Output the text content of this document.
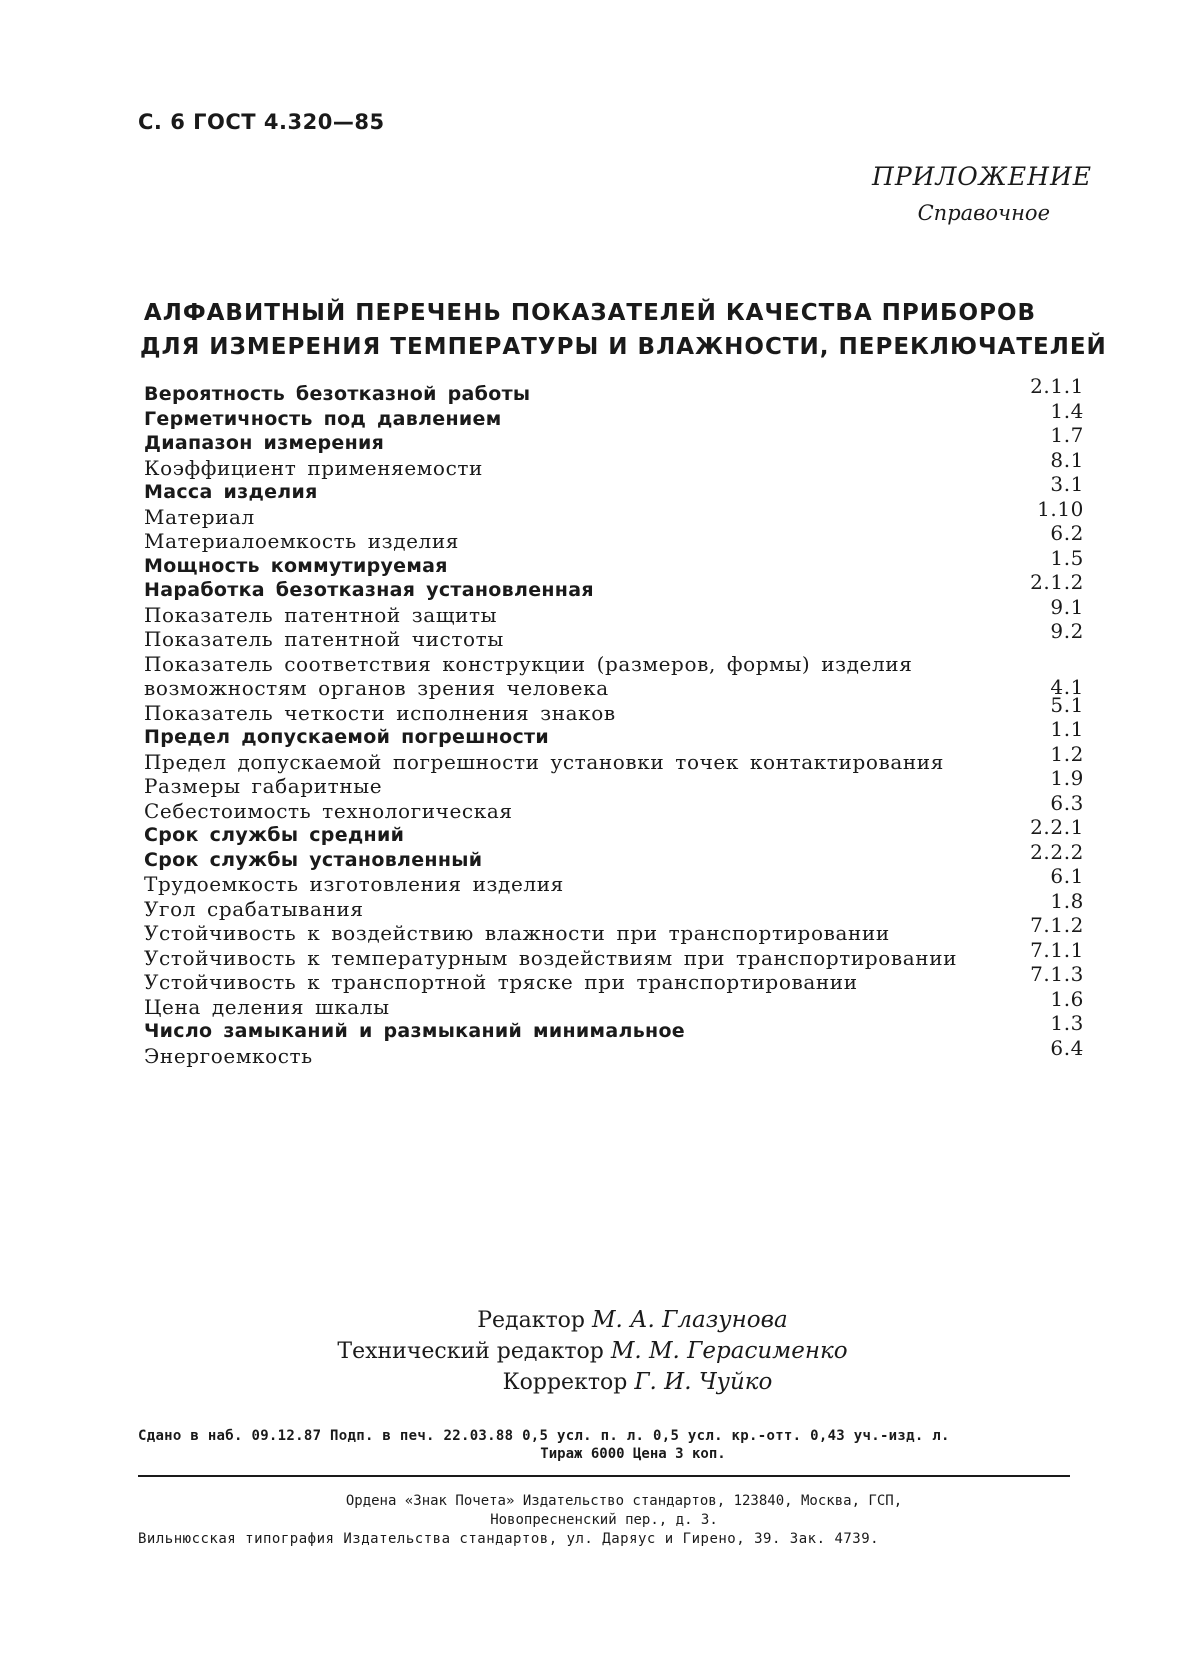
С. 6 ГОСТ 4.320—85
ПРИЛОЖЕНИЕ
Справочное
АЛФАВИТНЫЙ ПЕРЕЧЕНЬ ПОКАЗАТЕЛЕЙ КАЧЕСТВА ПРИБОРОВ
ДЛЯ ИЗМЕРЕНИЯ ТЕМПЕРАТУРЫ И ВЛАЖНОСТИ, ПЕРЕКЛЮЧАТЕЛЕЙ
Вероятность безотказной работы	2.1.1
Герметичность под давлением	1.4
Диапазон измерения	1.7
Коэффициент применяемости	8.1
Масса изделия	3.1
Материал	1.10
Материалоемкость изделия	6.2
Мощность коммутируемая	1.5
Наработка безотказная установленная	2.1.2
Показатель патентной защиты	9.1
Показатель патентной чистоты	9.2
Показатель соответствия конструкции (размеров, формы) изделия возможностям органов зрения человека	4.1
Показатель четкости исполнения знаков	5.1
Предел допускаемой погрешности	1.1
Предел допускаемой погрешности установки точек контактирования	1.2
Размеры габаритные	1.9
Себестоимость технологическая	6.3
Срок службы средний	2.2.1
Срок службы установленный	2.2.2
Трудоемкость изготовления изделия	6.1
Угол срабатывания	1.8
Устойчивость к воздействию влажности при транспортировании	7.1.2
Устойчивость к температурным воздействиям при транспортировании	7.1.1
Устойчивость к транспортной тряске при транспортировании	7.1.3
Цена деления шкалы	1.6
Число замыканий и размыканий минимальное	1.3
Энергоемкость	6.4
Редактор М. А. Глазунова
Технический редактор М. М. Герасименко
Корректор Г. И. Чуйко
Сдано в наб. 09.12.87 Подп. в печ. 22.03.88 0,5 усл. п. л. 0,5 усл. кр.-отт. 0,43 уч.-изд. л.
Тираж 6000 Цена 3 коп.
Ордена «Знак Почета» Издательство стандартов, 123840, Москва, ГСП,
Новопресненский пер., д. 3.
Вильнюсская типография Издательства стандартов, ул. Даряус и Гирено, 39. Зак. 4739.
